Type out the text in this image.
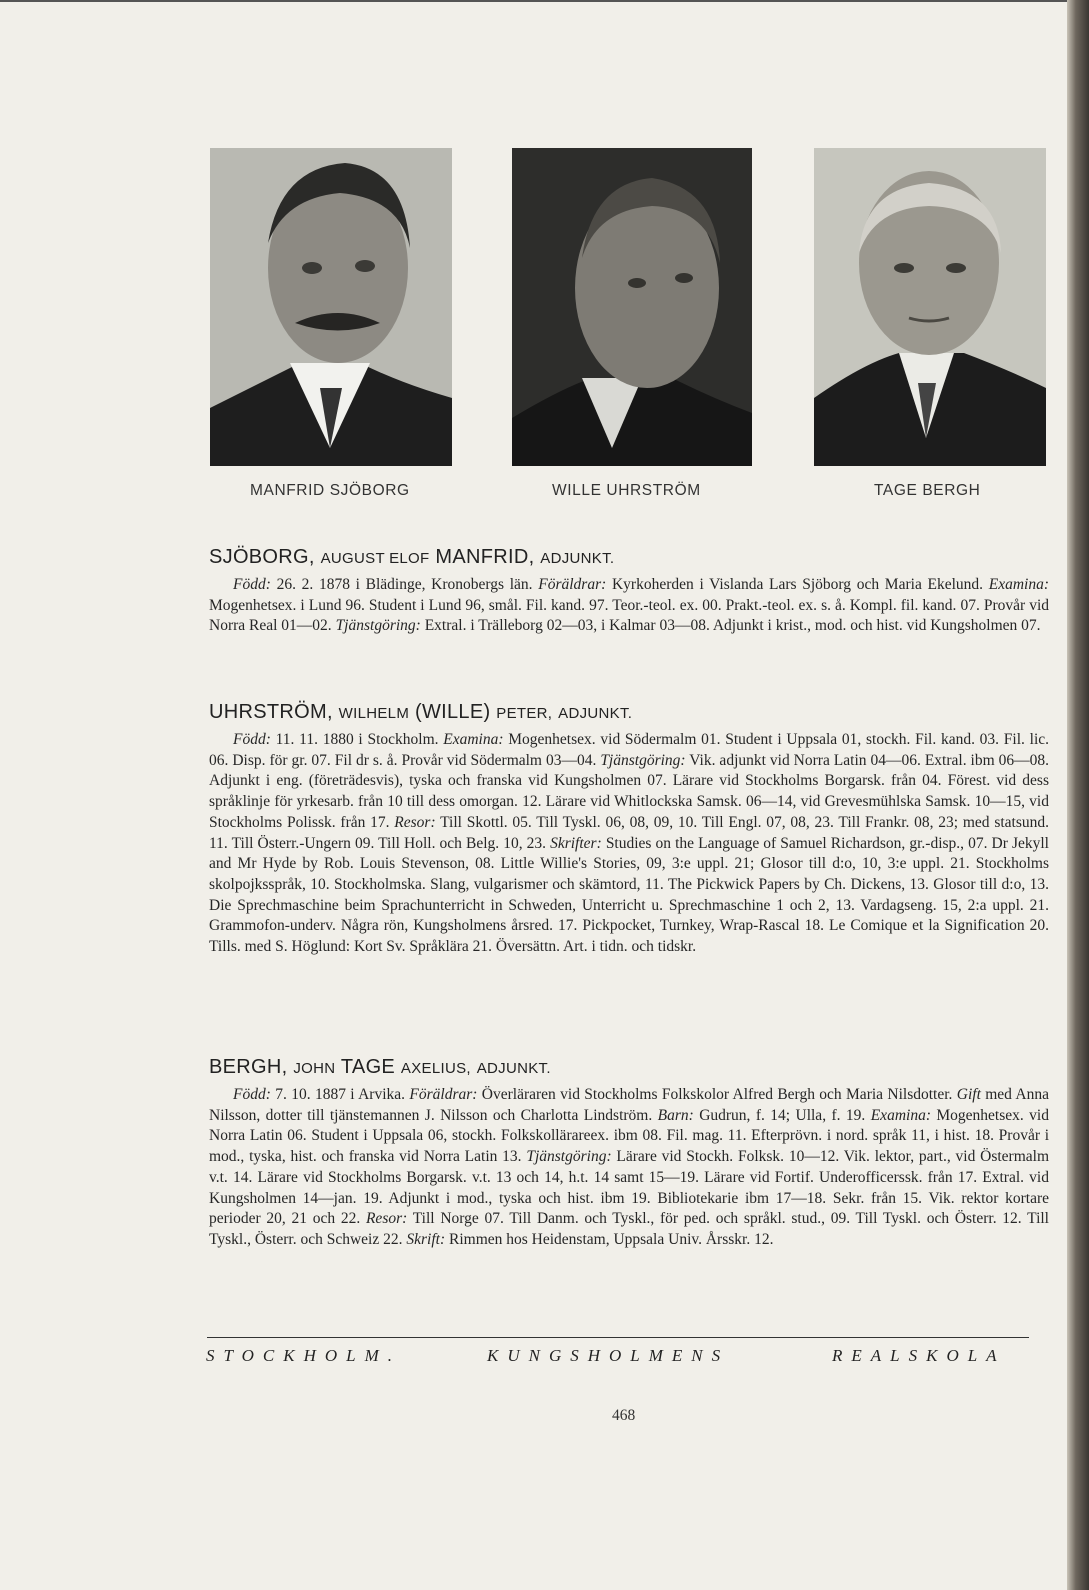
MANFRID SJÖBORG	WILLE UHRSTRÖM	TAGE BERGH
SJÖBORG, AUGUST ELOF MANFRID, ADJUNKT.

Född: 26. 2. 1878 i Blädinge, Kronobergs län. Föräldrar: Kyrkoherden i Vislanda Lars Sjöborg och Maria Ekelund. Examina: Mogenhetsex. i Lund 96. Student i Lund 96, smål. Fil. kand. 97. Teor.-teol. ex. 00. Prakt.-teol. ex. s. å. Kompl. fil. kand. 07. Provår vid Norra Real 01—02. Tjänstgöring: Extral. i Trälleborg 02—03, i Kalmar 03—08. Adjunkt i krist., mod. och hist. vid Kungsholmen 07.

UHRSTRÖM, WILHELM (WILLE) PETER, ADJUNKT.

Född: 11. 11. 1880 i Stockholm. Examina: Mogenhetsex. vid Södermalm 01. Student i Uppsala 01, stockh. Fil. kand. 03. Fil. lic. 06. Disp. för gr. 07. Fil dr s. å. Provår vid Södermalm 03—04. Tjänstgöring: Vik. adjunkt vid Norra Latin 04—06. Extral. ibm 06—08. Adjunkt i eng. (företrädesvis), tyska och franska vid Kungsholmen 07. Lärare vid Stockholms Borgarsk. från 04. Förest. vid dess språklinje för yrkesarb. från 10 till dess omorgan. 12. Lärare vid Whitlockska Samsk. 06—14, vid Grevesmühlska Samsk. 10—15, vid Stockholms Polissk. från 17. Resor: Till Skottl. 05. Till Tyskl. 06, 08, 09, 10. Till Engl. 07, 08, 23. Till Frankr. 08, 23; med statsund. 11. Till Österr.-Ungern 09. Till Holl. och Belg. 10, 23. Skrifter: Studies on the Language of Samuel Richardson, gr.-disp., 07. Dr Jekyll and Mr Hyde by Rob. Louis Stevenson, 08. Little Willie's Stories, 09, 3:e uppl. 21; Glosor till d:o, 10, 3:e uppl. 21. Stockholms skolpojksspråk, 10. Stockholmska. Slang, vulgarismer och skämtord, 11. The Pickwick Papers by Ch. Dickens, 13. Glosor till d:o, 13. Die Sprechmaschine beim Sprachunterricht in Schweden, Unterricht u. Sprechmaschine 1 och 2, 13. Vardagseng. 15, 2:a uppl. 21. Grammofon-underv. Några rön, Kungsholmens årsred. 17. Pickpocket, Turnkey, Wrap-Rascal 18. Le Comique et la Signification 20. Tills. med S. Höglund: Kort Sv. Språklära 21. Översättn. Art. i tidn. och tidskr.

BERGH, JOHN TAGE AXELIUS, ADJUNKT.

Född: 7. 10. 1887 i Arvika. Föräldrar: Överläraren vid Stockholms Folkskolor Alfred Bergh och Maria Nilsdotter. Gift med Anna Nilsson, dotter till tjänstemannen J. Nilsson och Charlotta Lindström. Barn: Gudrun, f. 14; Ulla, f. 19. Examina: Mogenhetsex. vid Norra Latin 06. Student i Uppsala 06, stockh. Folkskollärareex. ibm 08. Fil. mag. 11. Efterprövn. i nord. språk 11, i hist. 18. Provår i mod., tyska, hist. och franska vid Norra Latin 13. Tjänstgöring: Lärare vid Stockh. Folksk. 10—12. Vik. lektor, part., vid Östermalm v.t. 14. Lärare vid Stockholms Borgarsk. v.t. 13 och 14, h.t. 14 samt 15—19. Lärare vid Fortif. Underofficerssk. från 17. Extral. vid Kungsholmen 14—jan. 19. Adjunkt i mod., tyska och hist. ibm 19. Bibliotekarie ibm 17—18. Sekr. från 15. Vik. rektor kortare perioder 20, 21 och 22. Resor: Till Norge 07. Till Danm. och Tyskl., för ped. och språkl. stud., 09. Till Tyskl. och Österr. 12. Till Tyskl., Österr. och Schweiz 22. Skrift: Rimmen hos Heidenstam, Uppsala Univ. Årsskr. 12.

STOCKHOLM.	KUNGSHOLMENS	REALSKOLA
468
